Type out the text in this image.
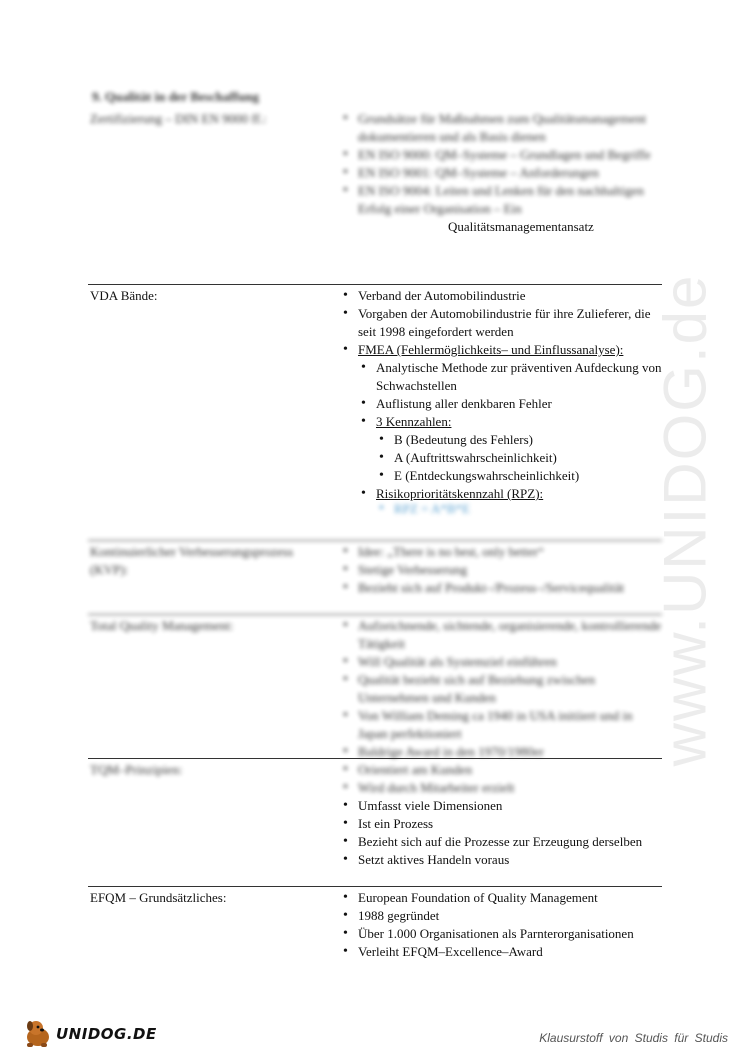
9. Qualität in der Beschaffung
Zertifizierung – DIN EN 9000 ff.:	• Grundsätze für Maßnahmen zum Qualitätsmanagement dokumentieren und als Basis dienen
• EN ISO 9000: QM–Systeme – Grundlagen und Begriffe
• EN ISO 9001: QM–Systeme – Anforderungen
• EN ISO 9004: Leiten und Lenken für den nachhaltigen Erfolg einer Organisation – Ein
Qualitätsmanagementansatz
VDA Bände:	• Verband der Automobilindustrie
• Vorgaben der Automobilindustrie für ihre Zulieferer, die seit 1998 eingefordert werden
• FMEA (Fehlermöglichkeits– und Einflussanalyse):
• Analytische Methode zur präventiven Aufdeckung von Schwachstellen
• Auflistung aller denkbaren Fehler
• 3 Kennzahlen:
• B (Bedeutung des Fehlers)
• A (Auftrittswahrscheinlichkeit)
• E (Entdeckungswahrscheinlichkeit)
• Risikoprioritätskennzahl (RPZ):
• RPZ = A*B*E
Kontinuierlicher Verbesserungsprozess (KVP):
• Idee: „There is no best, only better“
• Stetige Verbesserung
• Bezieht sich auf Produkt–/Prozess–/Servicequalität
Total Quality Management:	• Aufzeichnende, sichtende, organisierende, kontrollierende Tätigkeit
• Will Qualität als Systemziel einführen
• Qualität bezieht sich auf Beziehung zwischen Unternehmen und Kunden
• Von William Deming ca 1940 in USA initiiert und in Japan perfektioniert
• Baldrige Award in den 1970/1980er
TQM–Prinzipien:	• Orientiert am Kunden
• Wird durch Mitarbeiter erzielt
• Umfasst viele Dimensionen
• Ist ein Prozess
• Bezieht sich auf die Prozesse zur Erzeugung derselben
• Setzt aktives Handeln voraus
EFQM – Grundsätzliches:	• European Foundation of Quality Management
• 1988 gegründet
• Über 1.000 Organisationen als Parnterorganisationen
• Verleiht EFQM–Excellence–Award
www.UNIDOG.de
UNIDOG.DE	Klausurstoff von Studis für Studis
